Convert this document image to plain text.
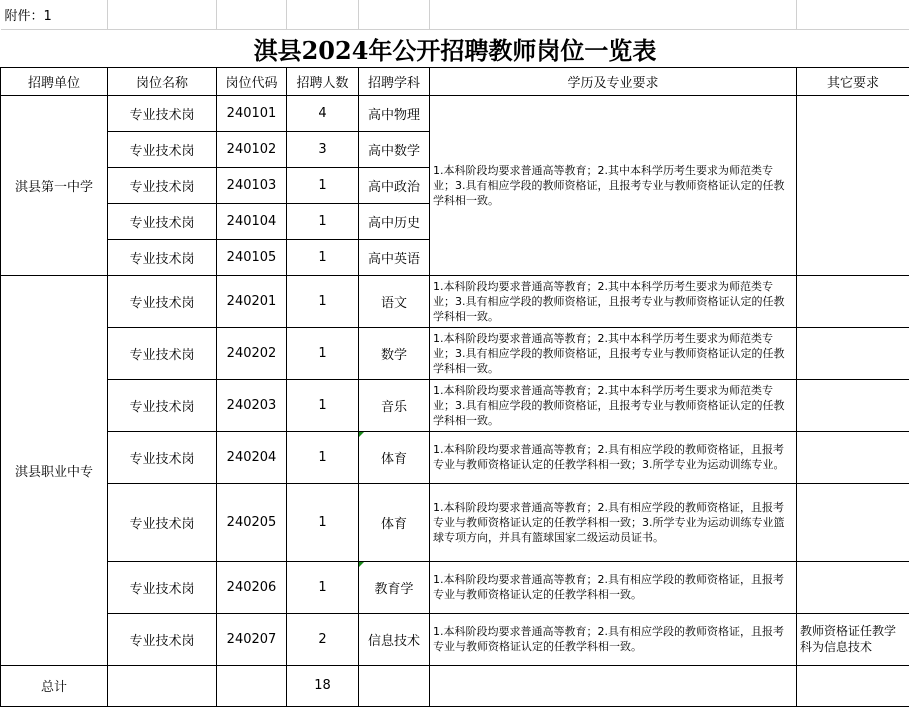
附件：1						
淇县2024年公开招聘教师岗位一览表						
招聘单位	岗位名称	岗位代码	招聘人数	招聘学科	学历及专业要求	其它要求
淇县第一中学	专业技术岗	240101	4	高中物理	1.本科阶段均要求普通高等教育；2.其中本科学历考生要求为师范类专业；3.具有相应学段的教师资格证，且报考专业与教师资格证认定的任教学科相一致。	
	专业技术岗	240102	3	高中数学		
	专业技术岗	240103	1	高中政治		
	专业技术岗	240104	1	高中历史		
	专业技术岗	240105	1	高中英语		
淇县职业中专	专业技术岗	240201	1	语文	1.本科阶段均要求普通高等教育；2.其中本科学历考生要求为师范类专业；3.具有相应学段的教师资格证，且报考专业与教师资格证认定的任教学科相一致。	
	专业技术岗	240202	1	数学	1.本科阶段均要求普通高等教育；2.其中本科学历考生要求为师范类专业；3.具有相应学段的教师资格证，且报考专业与教师资格证认定的任教学科相一致。	
	专业技术岗	240203	1	音乐	1.本科阶段均要求普通高等教育；2.其中本科学历考生要求为师范类专业；3.具有相应学段的教师资格证，且报考专业与教师资格证认定的任教学科相一致。	
	专业技术岗	240204	1	体育	1.本科阶段均要求普通高等教育；2.具有相应学段的教师资格证，且报考专业与教师资格证认定的任教学科相一致；3.所学专业为运动训练专业。	
	专业技术岗	240205	1	体育	1.本科阶段均要求普通高等教育；2.具有相应学段的教师资格证，且报考专业与教师资格证认定的任教学科相一致；3.所学专业为运动训练专业篮球专项方向，并具有篮球国家二级运动员证书。	
	专业技术岗	240206	1	教育学	1.本科阶段均要求普通高等教育；2.具有相应学段的教师资格证，且报考专业与教师资格证认定的任教学科相一致。	
	专业技术岗	240207	2	信息技术	1.本科阶段均要求普通高等教育；2.具有相应学段的教师资格证，且报考专业与教师资格证认定的任教学科相一致。	教师资格证任教学科为信息技术
总计			18			
